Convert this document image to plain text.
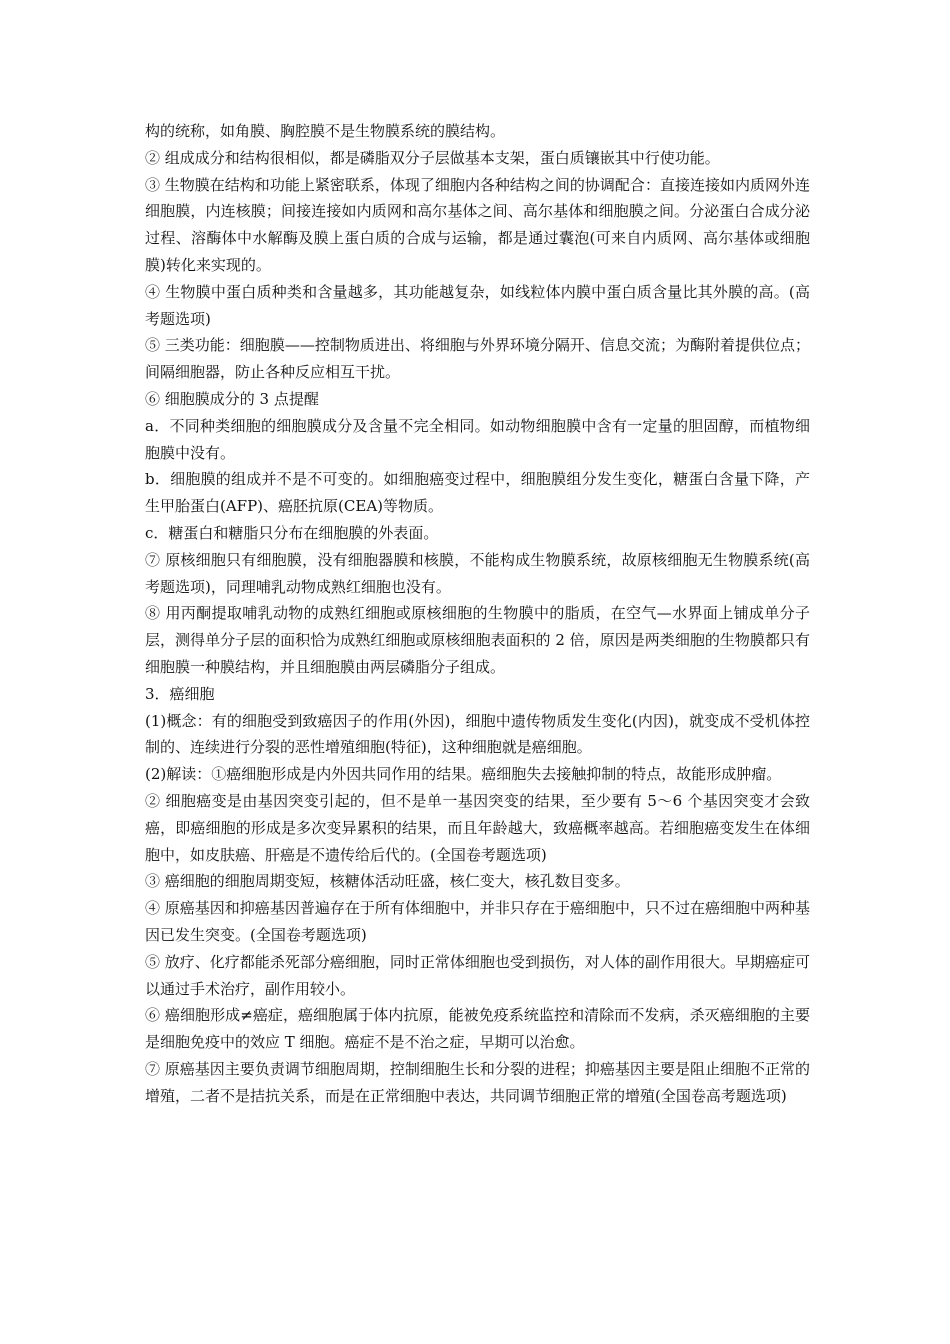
构的统称，如角膜、胸腔膜不是生物膜系统的膜结构。

② 组成成分和结构很相似，都是磷脂双分子层做基本支架，蛋白质镶嵌其中行使功能。

③ 生物膜在结构和功能上紧密联系，体现了细胞内各种结构之间的协调配合：直接连接如内质网外连细胞膜，内连核膜；间接连接如内质网和高尔基体之间、高尔基体和细胞膜之间。分泌蛋白合成分泌过程、溶酶体中水解酶及膜上蛋白质的合成与运输，都是通过囊泡(可来自内质网、高尔基体或细胞膜)转化来实现的。

④ 生物膜中蛋白质种类和含量越多，其功能越复杂，如线粒体内膜中蛋白质含量比其外膜的高。(高考题选项)

⑤ 三类功能：细胞膜——控制物质进出、将细胞与外界环境分隔开、信息交流；为酶附着提供位点；间隔细胞器，防止各种反应相互干扰。

⑥ 细胞膜成分的 3 点提醒

a．不同种类细胞的细胞膜成分及含量不完全相同。如动物细胞膜中含有一定量的胆固醇，而植物细胞膜中没有。

b．细胞膜的组成并不是不可变的。如细胞癌变过程中，细胞膜组分发生变化，糖蛋白含量下降，产生甲胎蛋白(AFP)、癌胚抗原(CEA)等物质。

c．糖蛋白和糖脂只分布在细胞膜的外表面。

⑦ 原核细胞只有细胞膜，没有细胞器膜和核膜，不能构成生物膜系统，故原核细胞无生物膜系统(高考题选项)，同理哺乳动物成熟红细胞也没有。

⑧ 用丙酮提取哺乳动物的成熟红细胞或原核细胞的生物膜中的脂质，在空气—水界面上铺成单分子层，测得单分子层的面积恰为成熟红细胞或原核细胞表面积的 2 倍，原因是两类细胞的生物膜都只有细胞膜一种膜结构，并且细胞膜由两层磷脂分子组成。

3．癌细胞

(1)概念：有的细胞受到致癌因子的作用(外因)，细胞中遗传物质发生变化(内因)，就变成不受机体控制的、连续进行分裂的恶性增殖细胞(特征)，这种细胞就是癌细胞。

(2)解读：①癌细胞形成是内外因共同作用的结果。癌细胞失去接触抑制的特点，故能形成肿瘤。

② 细胞癌变是由基因突变引起的，但不是单一基因突变的结果，至少要有 5～6 个基因突变才会致癌，即癌细胞的形成是多次变异累积的结果，而且年龄越大，致癌概率越高。若细胞癌变发生在体细胞中，如皮肤癌、肝癌是不遗传给后代的。(全国卷考题选项)

③ 癌细胞的细胞周期变短，核糖体活动旺盛，核仁变大，核孔数目变多。

④ 原癌基因和抑癌基因普遍存在于所有体细胞中，并非只存在于癌细胞中，只不过在癌细胞中两种基因已发生突变。(全国卷考题选项)

⑤ 放疗、化疗都能杀死部分癌细胞，同时正常体细胞也受到损伤，对人体的副作用很大。早期癌症可以通过手术治疗，副作用较小。

⑥ 癌细胞形成≠癌症，癌细胞属于体内抗原，能被免疫系统监控和清除而不发病，杀灭癌细胞的主要是细胞免疫中的效应 T 细胞。癌症不是不治之症，早期可以治愈。

⑦ 原癌基因主要负责调节细胞周期，控制细胞生长和分裂的进程；抑癌基因主要是阻止细胞不正常的增殖，二者不是拮抗关系，而是在正常细胞中表达，共同调节细胞正常的增殖(全国卷高考题选项)
